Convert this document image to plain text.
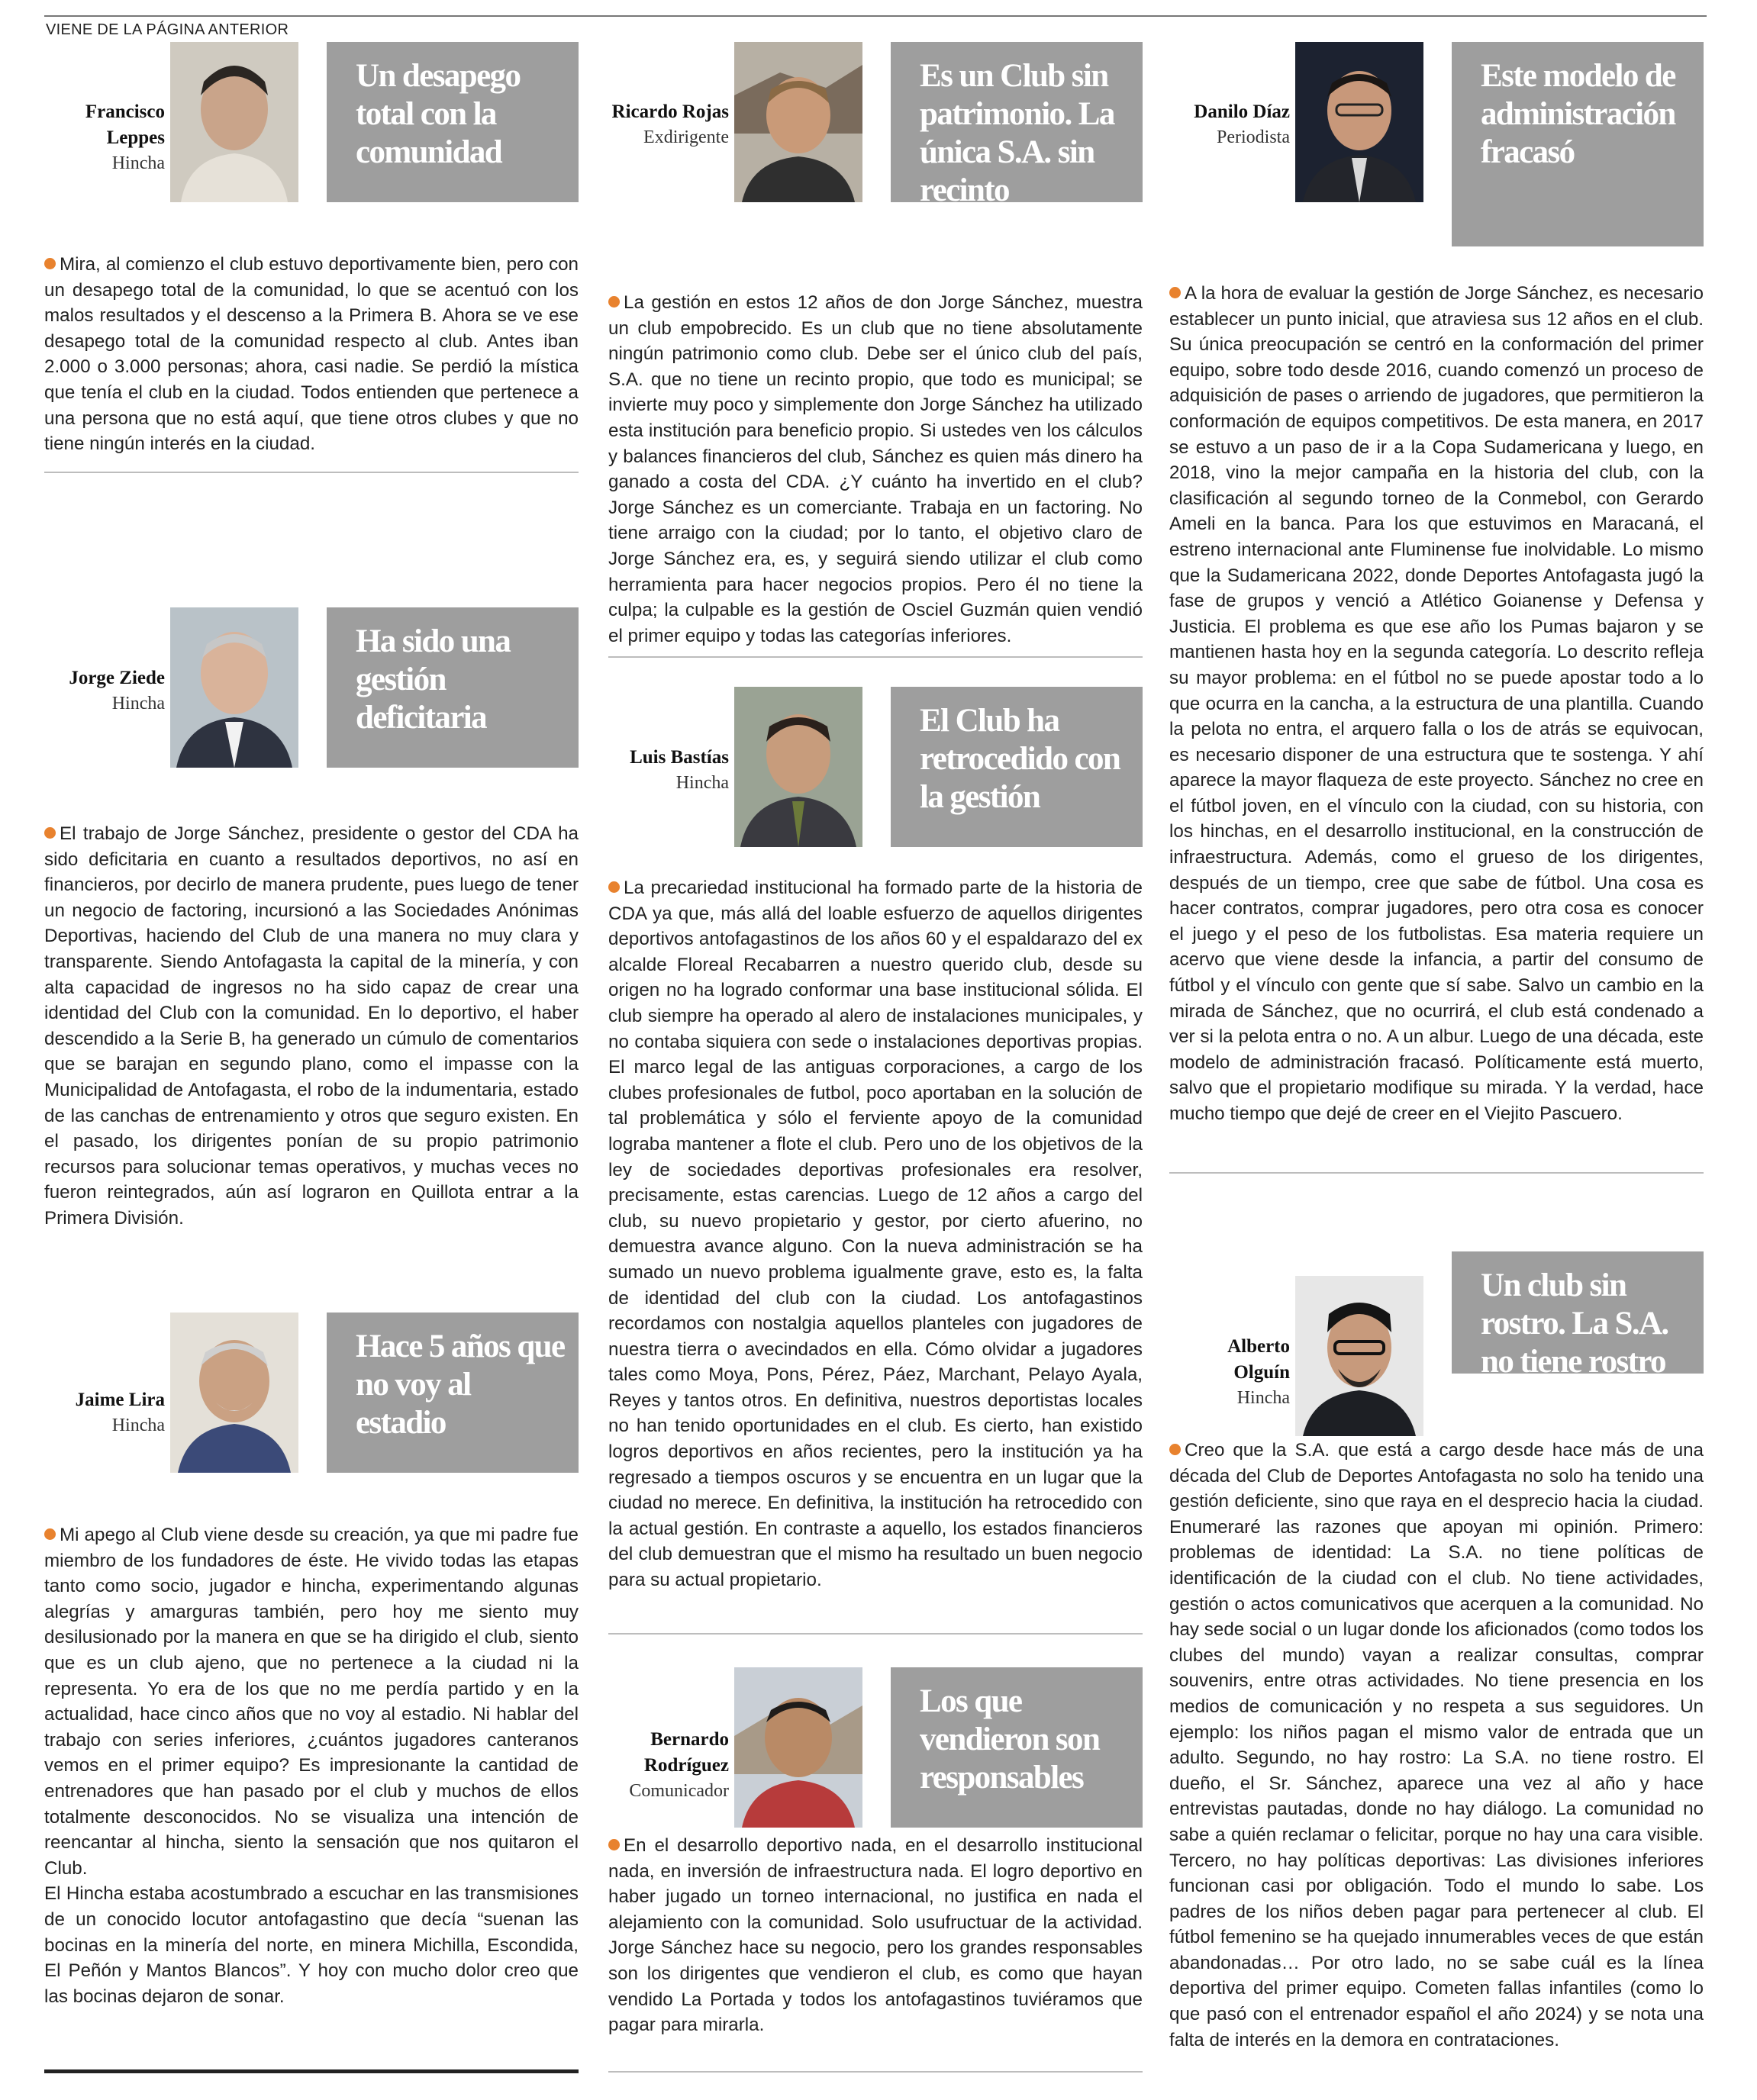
VIENE DE LA PÁGINA ANTERIOR
Francisco Leppes
Hincha
Un desapego total con la comunidad

Mira, al comienzo el club estuvo deportivamente bien, pero con un desapego total de la comunidad, lo que se acentuó con los malos resultados y el descenso a la Primera B. Ahora se ve ese desapego total de la comunidad respecto al club. Antes iban 2.000 o 3.000 personas; ahora, casi nadie. Se perdió la mística que tenía el club en la ciudad. Todos entienden que pertenece a una persona que no está aquí, que tiene otros clubes y que no tiene ningún interés en la ciudad.

Jorge Ziede
Hincha
Ha sido una gestión deficitaria

El trabajo de Jorge Sánchez, presidente o gestor del CDA ha sido deficitaria en cuanto a resultados deportivos, no así en financieros, por decirlo de manera prudente, pues luego de tener un negocio de factoring, incursionó a las Sociedades Anónimas Deportivas, haciendo del Club de una manera no muy clara y transparente. Siendo Antofagasta la capital de la minería, y con alta capacidad de ingresos no ha sido capaz de crear una identidad del Club con la comunidad. En lo deportivo, el haber descendido a la Serie B, ha generado un cúmulo de comentarios que se barajan en segundo plano, como el impasse con la Municipalidad de Antofagasta, el robo de la indumentaria, estado de las canchas de entrenamiento y otros que seguro existen. En el pasado, los dirigentes ponían de su propio patrimonio recursos para solucionar temas operativos, y muchas veces no fueron reintegrados, aún así lograron en Quillota entrar a la Primera División.

Jaime Lira
Hincha
Hace 5 años que no voy al estadio

Mi apego al Club viene desde su creación, ya que mi padre fue miembro de los fundadores de éste. He vivido todas las etapas tanto como socio, jugador e hincha, experimentando algunas alegrías y amarguras también, pero hoy me siento muy desilusionado por la manera en que se ha dirigido el club, siento que es un club ajeno, que no pertenece a la ciudad ni la representa. Yo era de los que no me perdía partido y en la actualidad, hace cinco años que no voy al estadio. Ni hablar del trabajo con series inferiores, ¿cuántos jugadores canteranos vemos en el primer equipo? Es impresionante la cantidad de entrenadores que han pasado por el club y muchos de ellos totalmente desconocidos. No se visualiza una intención de reencantar al hincha, siento la sensación que nos quitaron el Club.

El Hincha estaba acostumbrado a escuchar en las transmisiones de un conocido locutor antofagastino que decía “suenan las bocinas en la minería del norte, en minera Michilla, Escondida, El Peñón y Mantos Blancos”. Y hoy con mucho dolor creo que las bocinas dejaron de sonar.

Ricardo Rojas
Exdirigente
Es un Club sin patrimonio. La única S.A. sin recinto

La gestión en estos 12 años de don Jorge Sánchez, muestra un club empobrecido. Es un club que no tiene absolutamente ningún patrimonio como club. Debe ser el único club del país, S.A. que no tiene un recinto propio, que todo es municipal; se invierte muy poco y simplemente don Jorge Sánchez ha utilizado esta institución para beneficio propio. Si ustedes ven los cálculos y balances financieros del club, Sánchez es quien más dinero ha ganado a costa del CDA. ¿Y cuánto ha invertido en el club? Jorge Sánchez es un comerciante. Trabaja en un factoring. No tiene arraigo con la ciudad; por lo tanto, el objetivo claro de Jorge Sánchez era, es, y seguirá siendo utilizar el club como herramienta para hacer negocios propios. Pero él no tiene la culpa; la culpable es la gestión de Osciel Guzmán quien vendió el primer equipo y todas las categorías inferiores.

Luis Bastías
Hincha
El Club ha retrocedido con la gestión

La precariedad institucional ha formado parte de la historia de CDA ya que, más allá del loable esfuerzo de aquellos dirigentes deportivos antofagastinos de los años 60 y el espaldarazo del ex alcalde Floreal Recabarren a nuestro querido club, desde su origen no ha logrado conformar una base institucional sólida. El club siempre ha operado al alero de instalaciones municipales, y no contaba siquiera con sede o instalaciones deportivas propias. El marco legal de las antiguas corporaciones, a cargo de los clubes profesionales de futbol, poco aportaban en la solución de tal problemática y sólo el ferviente apoyo de la comunidad lograba mantener a flote el club. Pero uno de los objetivos de la ley de sociedades deportivas profesionales era resolver, precisamente, estas carencias. Luego de 12 años a cargo del club, su nuevo propietario y gestor, por cierto afuerino, no demuestra avance alguno. Con la nueva administración se ha sumado un nuevo problema igualmente grave, esto es, la falta de identidad del club con la ciudad. Los antofagastinos recordamos con nostalgia aquellos planteles con jugadores de nuestra tierra o avecindados en ella. Cómo olvidar a jugadores tales como Moya, Pons, Pérez, Páez, Marchant, Pelayo Ayala, Reyes y tantos otros. En definitiva, nuestros deportistas locales no han tenido oportunidades en el club. Es cierto, han existido logros deportivos en años recientes, pero la institución ya ha regresado a tiempos oscuros y se encuentra en un lugar que la ciudad no merece. En definitiva, la institución ha retrocedido con la actual gestión. En contraste a aquello, los estados financieros del club demuestran que el mismo ha resultado un buen negocio para su actual propietario.

Bernardo Rodríguez
Comunicador
Los que vendieron son responsables

En el desarrollo deportivo nada, en el desarrollo institucional nada, en inversión de infraestructura nada. El logro deportivo en haber jugado un torneo internacional, no justifica en nada el alejamiento con la comunidad. Solo usufructuar de la actividad. Jorge Sánchez hace su negocio, pero los grandes responsables son los dirigentes que vendieron el club, es como que hayan vendido La Portada y todos los antofagastinos tuviéramos que pagar para mirarla.

Danilo Díaz
Periodista
Este modelo de administración fracasó

A la hora de evaluar la gestión de Jorge Sánchez, es necesario establecer un punto inicial, que atraviesa sus 12 años en el club. Su única preocupación se centró en la conformación del primer equipo, sobre todo desde 2016, cuando comenzó un proceso de adquisición de pases o arriendo de jugadores, que permitieron la conformación de equipos competitivos. De esta manera, en 2017 se estuvo a un paso de ir a la Copa Sudamericana y luego, en 2018, vino la mejor campaña en la historia del club, con la clasificación al segundo torneo de la Conmebol, con Gerardo Ameli en la banca. Para los que estuvimos en Maracaná, el estreno internacional ante Fluminense fue inolvidable. Lo mismo que la Sudamericana 2022, donde Deportes Antofagasta jugó la fase de grupos y venció a Atlético Goianense y Defensa y Justicia. El problema es que ese año los Pumas bajaron y se mantienen hasta hoy en la segunda categoría. Lo descrito refleja su mayor problema: en el fútbol no se puede apostar todo a lo que ocurra en la cancha, a la estructura de una plantilla. Cuando la pelota no entra, el arquero falla o los de atrás se equivocan, es necesario disponer de una estructura que te sostenga. Y ahí aparece la mayor flaqueza de este proyecto. Sánchez no cree en el fútbol joven, en el vínculo con la ciudad, con su historia, con los hinchas, en el desarrollo institucional, en la construcción de infraestructura. Además, como el grueso de los dirigentes, después de un tiempo, cree que sabe de fútbol. Una cosa es hacer contratos, comprar jugadores, pero otra cosa es conocer el juego y el peso de los futbolistas. Esa materia requiere un acervo que viene desde la infancia, a partir del consumo de fútbol y el vínculo con gente que sí sabe. Salvo un cambio en la mirada de Sánchez, que no ocurrirá, el club está condenado a ver si la pelota entra o no. A un albur. Luego de una década, este modelo de administración fracasó. Políticamente está muerto, salvo que el propietario modifique su mirada. Y la verdad, hace mucho tiempo que dejé de creer en el Viejito Pascuero.

Un club sin rostro. La S.A. no tiene rostro
Alberto Olguín
Hincha

Creo que la S.A. que está a cargo desde hace más de una década del Club de Deportes Antofagasta no solo ha tenido una gestión deficiente, sino que raya en el desprecio hacia la ciudad. Enumeraré las razones que apoyan mi opinión. Primero: problemas de identidad: La S.A. no tiene políticas de identificación de la ciudad con el club. No tiene actividades, gestión o actos comunicativos que acerquen a la comunidad. No hay sede social o un lugar donde los aficionados (como todos los clubes del mundo) vayan a realizar consultas, comprar souvenirs, entre otras actividades. No tiene presencia en los medios de comunicación y no respeta a sus seguidores. Un ejemplo: los niños pagan el mismo valor de entrada que un adulto. Segundo, no hay rostro: La S.A. no tiene rostro. El dueño, el Sr. Sánchez, aparece una vez al año y hace entrevistas pautadas, donde no hay diálogo. La comunidad no sabe a quién reclamar o felicitar, porque no hay una cara visible. Tercero, no hay políticas deportivas: Las divisiones inferiores funcionan casi por obligación. Todo el mundo lo sabe. Los padres de los niños deben pagar para pertenecer al club. El fútbol femenino se ha quejado innumerables veces de que están abandonadas… Por otro lado, no se sabe cuál es la línea deportiva del primer equipo. Cometen fallas infantiles (como lo que pasó con el entrenador español el año 2024) y se nota una falta de interés en la demora en contrataciones.
